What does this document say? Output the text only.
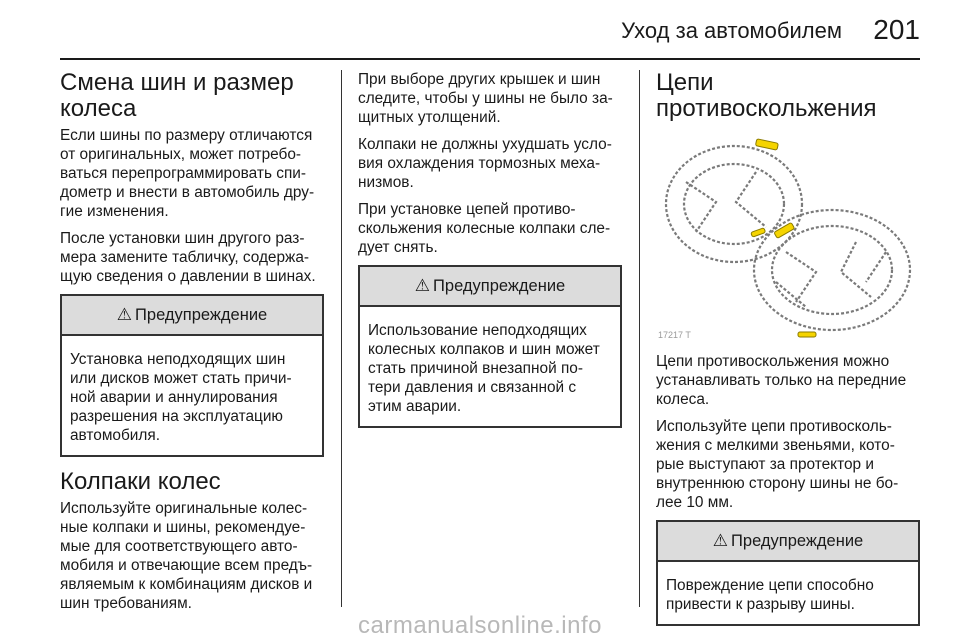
Уход за автомобилем 201
Смена шин и размер колеса

Если шины по размеру отличаются от оригинальных, может потребо-ваться перепрограммировать спи-дометр и внести в автомобиль дру-гие изменения.

После установки шин другого раз-мера замените табличку, содержа-щую сведения о давлении в шинах.

⚠ Предупреждение
Установка неподходящих шин или дисков может стать причи-ной аварии и аннулирования разрешения на эксплуатацию автомобиля.
Колпаки колес

Используйте оригинальные колес-ные колпаки и шины, рекомендуе-мые для соответствующего авто-мобиля и отвечающие всем предъ-являемым к комбинациям дисков и шин требованиям.

При выборе других крышек и шин следите, чтобы у шины не было за-щитных утолщений.

Колпаки не должны ухудшать усло-вия охлаждения тормозных меха-низмов.

При установке цепей противо-скольжения колесные колпаки сле-дует снять.

⚠ Предупреждение
Использование неподходящих колесных колпаков и шин может стать причиной внезапной по-тери давления и связанной с этим аварии.
Цепи противоскольжения
17217 T

Цепи противоскольжения можно устанавливать только на передние колеса.

Используйте цепи противосколь-жения с мелкими звеньями, кото-рые выступают за протектор и внутреннюю сторону шины не бо-лее 10 мм.

⚠ Предупреждение
Повреждение цепи способно привести к разрыву шины.
carmanualsonline.info
